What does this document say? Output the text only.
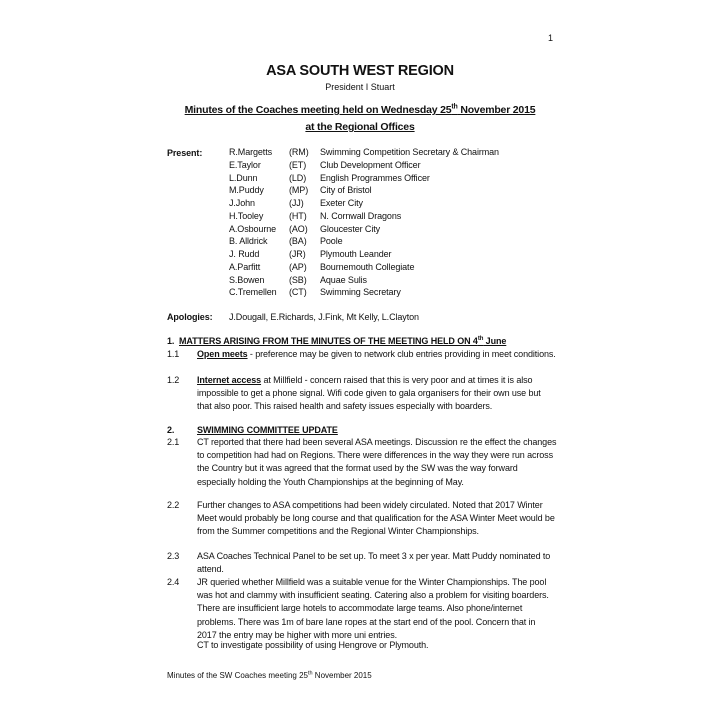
1
ASA SOUTH WEST REGION
President I Stuart
Minutes of the Coaches meeting held on Wednesday 25th November 2015
at the Regional Offices
Present:	R.Margetts (RM) Swimming Competition Secretary & Chairman
E.Taylor	(ET) Club Development Officer
L.Dunn	(LD) English Programmes Officer
M.Puddy	(MP) City of Bristol
J.John	(JJ) Exeter City
H.Tooley	(HT) N. Cornwall Dragons
A.Osbourne (AO) Gloucester City
B. Alldrick (BA) Poole
J. Rudd	(JR) Plymouth Leander
A.Parfitt	(AP) Bournemouth Collegiate
S.Bowen	(SB) Aquae Sulis
C.Tremellen (CT) Swimming Secretary
Apologies: J.Dougall, E.Richards, J.Fink, Mt Kelly, L.Clayton
1. MATTERS ARISING FROM THE MINUTES OF THE MEETING HELD ON 4th June
1.1 Open meets - preference may be given to network club entries providing in meet conditions.
1.2 Internet access at Millfield - concern raised that this is very poor and at times it is also impossible to get a phone signal. Wifi code given to gala organisers for their own use but that also poor. This raised health and safety issues especially with boarders.
2.	SWIMMING COMMITTEE UPDATE
2.1 CT reported that there had been several ASA meetings. Discussion re the effect the changes to competition had had on Regions. There were differences in the way they were run across the Country but it was agreed that the format used by the SW was the way forward especially holding the Youth Championships at the beginning of May.
2.2 Further changes to ASA competitions had been widely circulated. Noted that 2017 Winter Meet would probably be long course and that qualification for the ASA Winter Meet would be from the Summer competitions and the Regional Winter Championships.
2.3 ASA Coaches Technical Panel to be set up. To meet 3 x per year. Matt Puddy nominated to attend.
2.4 JR queried whether Millfield was a suitable venue for the Winter Championships. The pool was hot and clammy with insufficient seating. Catering also a problem for visiting boarders. There are insufficient large hotels to accommodate large teams. Also phone/internet problems. There was 1m of bare lane ropes at the start end of the pool. Concern that in 2017 the entry may be higher with more uni entries.
CT to investigate possibility of using Hengrove or Plymouth.
Minutes of the SW Coaches meeting 25th November 2015
